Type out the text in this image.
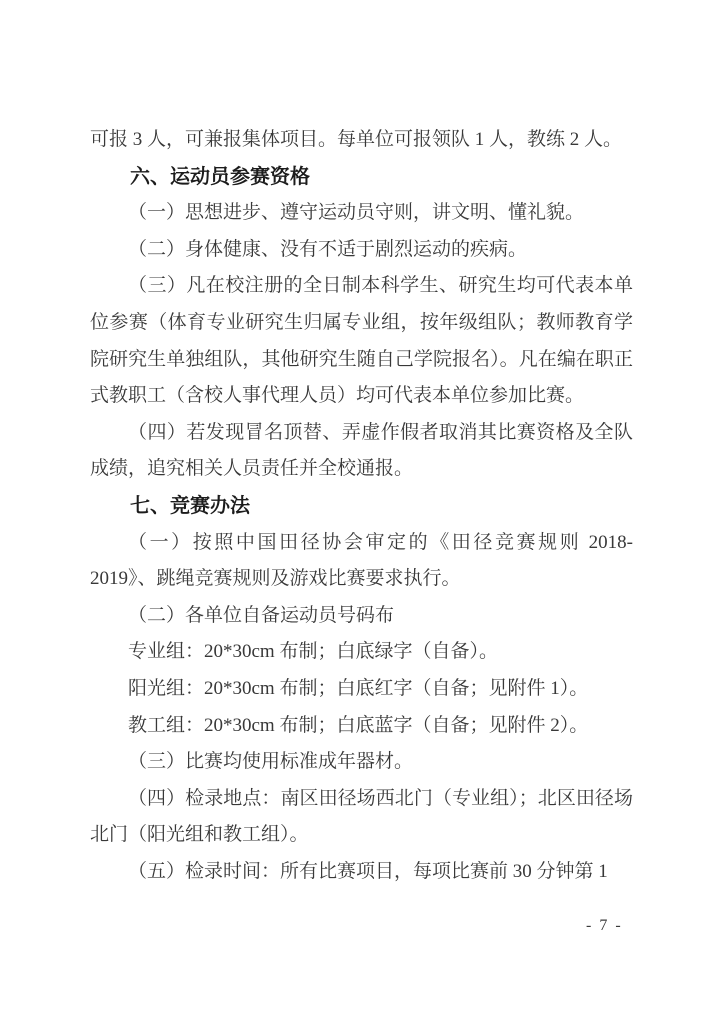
可报 3 人，可兼报集体项目。每单位可报领队 1 人，教练 2 人。

六、运动员参赛资格

（一）思想进步、遵守运动员守则，讲文明、懂礼貌。

（二）身体健康、没有不适于剧烈运动的疾病。

（三）凡在校注册的全日制本科学生、研究生均可代表本单位参赛（体育专业研究生归属专业组，按年级组队；教师教育学院研究生单独组队，其他研究生随自己学院报名）。凡在编在职正式教职工（含校人事代理人员）均可代表本单位参加比赛。

（四）若发现冒名顶替、弄虚作假者取消其比赛资格及全队成绩，追究相关人员责任并全校通报。

七、竞赛办法

（一）按照中国田径协会审定的《田径竞赛规则 2018-2019》、跳绳竞赛规则及游戏比赛要求执行。

（二）各单位自备运动员号码布

专业组：20*30cm 布制；白底绿字（自备）。

阳光组：20*30cm 布制；白底红字（自备；见附件 1）。

教工组：20*30cm 布制；白底蓝字（自备；见附件 2）。

（三）比赛均使用标准成年器材。

（四）检录地点：南区田径场西北门（专业组）；北区田径场北门（阳光组和教工组）。

（五）检录时间：所有比赛项目，每项比赛前 30 分钟第 1

- 7 -
